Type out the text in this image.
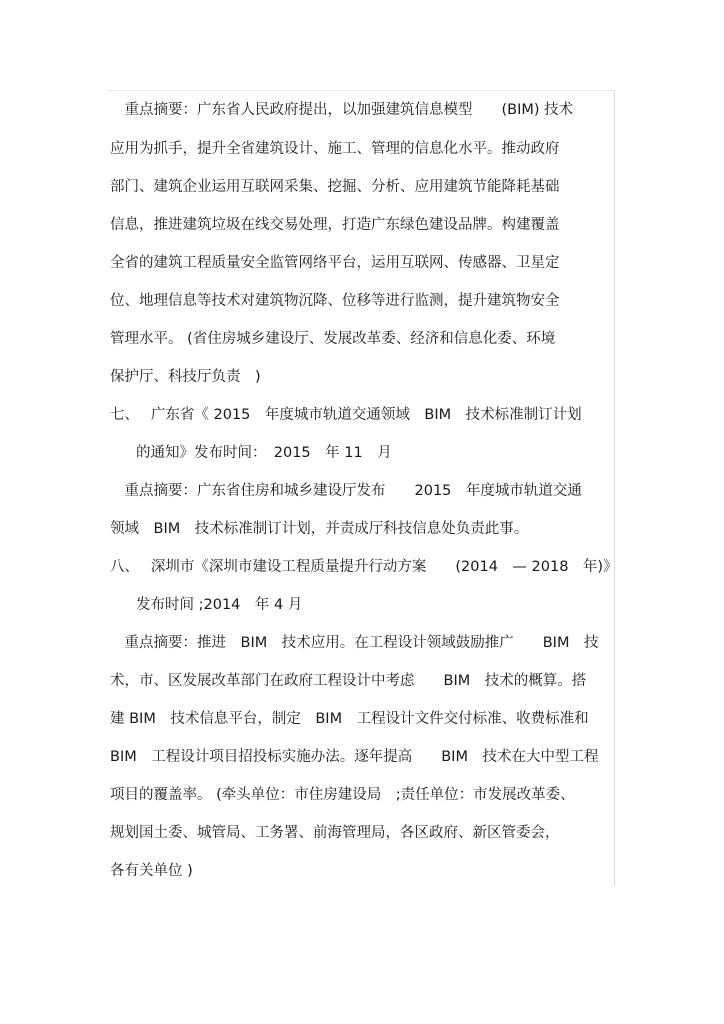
　重点摘要：广东省人民政府提出，以加强建筑信息模型　　(BIM) 技术
应用为抓手，提升全省建筑设计、施工、管理的信息化水平。推动政府
部门、建筑企业运用互联网采集、挖掘、分析、应用建筑节能降耗基础
信息，推进建筑垃圾在线交易处理，打造广东绿色建设品牌。构建覆盖
全省的建筑工程质量安全监管网络平台，运用互联网、传感器、卫星定
位、地理信息等技术对建筑物沉降、位移等进行监测，提升建筑物安全
管理水平。 (省住房城乡建设厅、发展改革委、经济和信息化委、环境
保护厅、科技厅负责　)
七、　 广东省《 2015　年度城市轨道交通领域　BIM　技术标准制订计划
的通知》发布时间：　2015　年 11　月
　重点摘要：广东省住房和城乡建设厅发布　　2015　年度城市轨道交通
领域　BIM　技术标准制订计划，并责成厅科技信息处负责此事。
八、　 深圳市《深圳市建设工程质量提升行动方案　　(2014　— 2018　年)》
发布时间 ;2014　年 4 月
　重点摘要：推进　BIM　技术应用。在工程设计领域鼓励推广　　BIM　技
术，市、区发展改革部门在政府工程设计中考虑　　BIM　技术的概算。搭
建 BIM　技术信息平台，制定　BIM　工程设计文件交付标准、收费标准和
BIM　工程设计项目招投标实施办法。逐年提高　　BIM　技术在大中型工程
项目的覆盖率。 (牵头单位：市住房建设局　;责任单位：市发展改革委、
规划国土委、城管局、工务署、前海管理局，各区政府、新区管委会，
各有关单位 )
